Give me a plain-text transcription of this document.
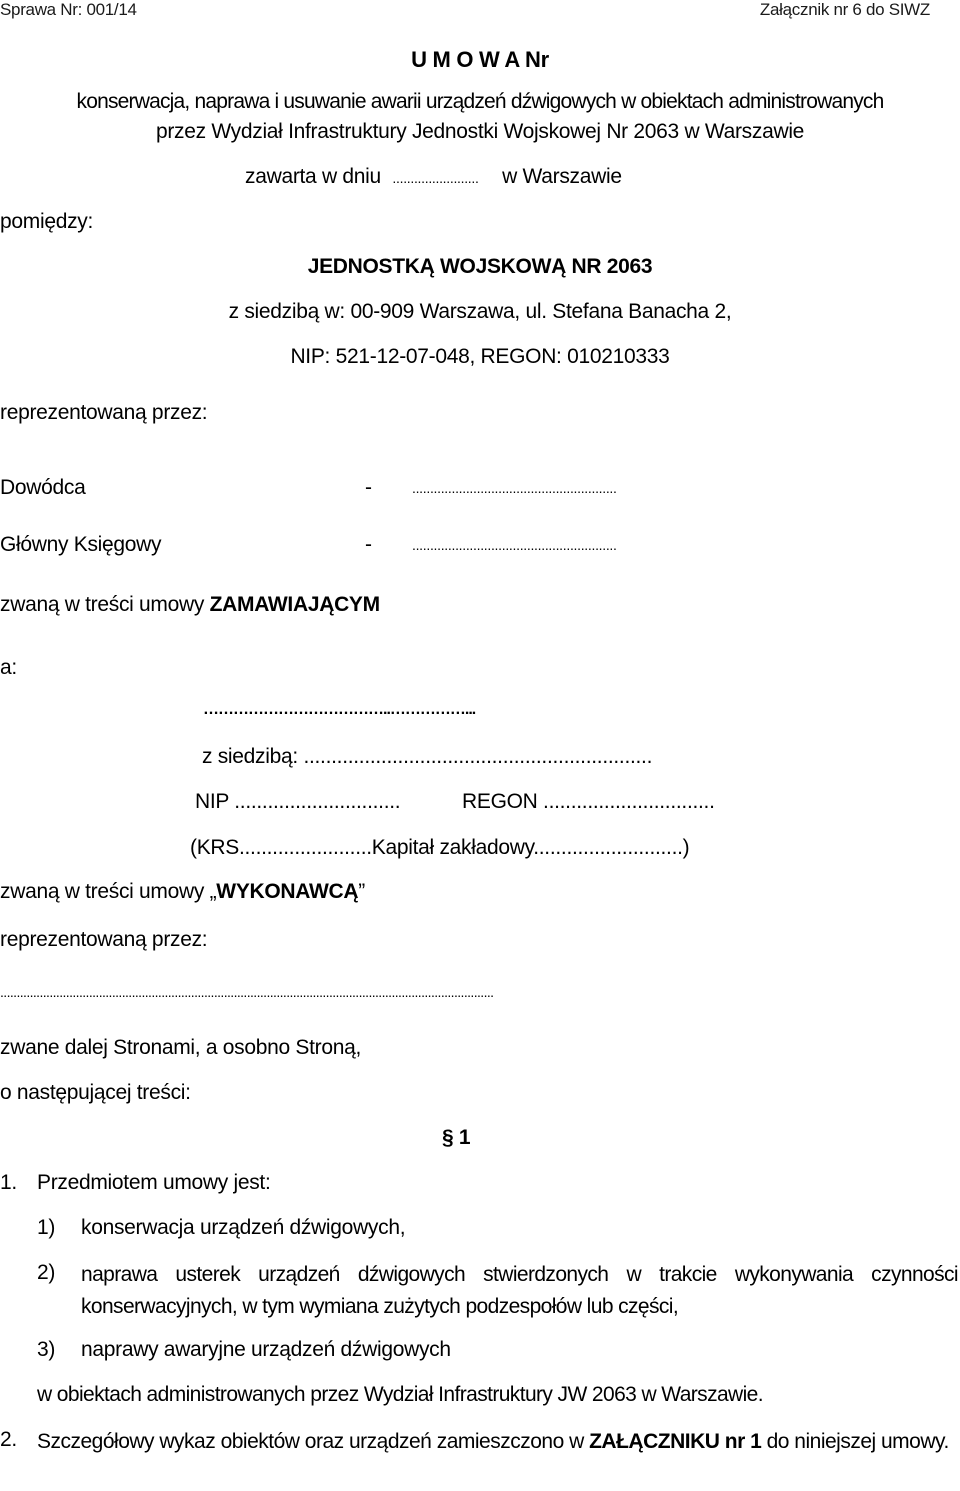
Sprawa Nr: 001/14	Załącznik nr 6 do SIWZ
U M O W A Nr
konserwacja, naprawa i usuwanie awarii urządzeń dźwigowych w obiektach administrowanych
przez Wydział Infrastruktury Jednostki Wojskowej Nr 2063 w Warszawie
zawarta w dniu ........................ w Warszawie
pomiędzy:
JEDNOSTKĄ WOJSKOWĄ NR 2063
z siedzibą w: 00-909 Warszawa, ul. Stefana Banacha 2,
NIP: 521-12-07-048, REGON: 010210333
reprezentowaną przez:
Dowódca	-	.........................................................
Główny Księgowy	-	.........................................................
zwaną w treści umowy ZAMAWIAJĄCYM
a:
………………………………..……………...
z siedzibą: ...............................................................
NIP ..............................	REGON ...............................
(KRS........................Kapitał zakładowy...........................)
zwaną w treści umowy „WYKONAWCĄ”
reprezentowaną przez:
......................................................................................................................................................
zwane dalej Stronami, a osobno Stroną,
o następującej treści:
§ 1
1. Przedmiotem umowy jest:
1) konserwacja urządzeń dźwigowych,
2) naprawa usterek urządzeń dźwigowych stwierdzonych w trakcie wykonywania czynności konserwacyjnych, w tym wymiana zużytych podzespołów lub części,
3) naprawy awaryjne urządzeń dźwigowych
w obiektach administrowanych przez Wydział Infrastruktury JW 2063 w Warszawie.
2. Szczegółowy wykaz obiektów oraz urządzeń zamieszczono w ZAŁĄCZNIKU nr 1 do niniejszej umowy.
